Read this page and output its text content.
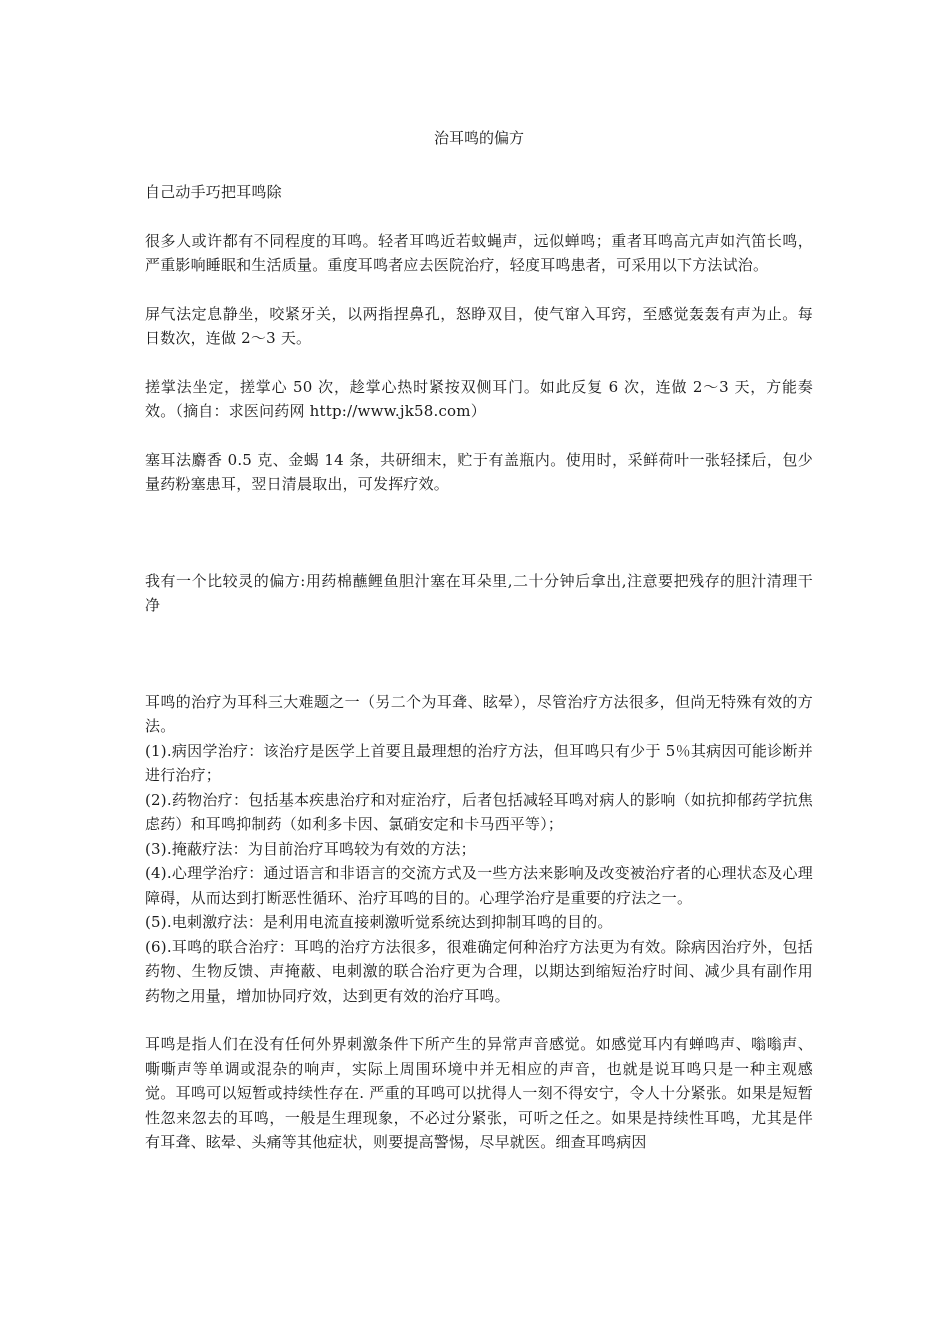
治耳鸣的偏方

自己动手巧把耳鸣除

很多人或许都有不同程度的耳鸣。轻者耳鸣近若蚊蝇声，远似蝉鸣；重者耳鸣高亢声如汽笛长鸣，严重影响睡眠和生活质量。重度耳鸣者应去医院治疗，轻度耳鸣患者，可采用以下方法试治。

屏气法定息静坐，咬紧牙关，以两指捏鼻孔，怒睁双目，使气窜入耳窍，至感觉轰轰有声为止。每日数次，连做 2～3 天。

搓掌法坐定，搓掌心 50 次，趁掌心热时紧按双侧耳门。如此反复 6 次，连做 2～3 天，方能奏效。（摘自：求医问药网 http://www.jk58.com）

塞耳法麝香 0.5 克、金蝎 14 条，共研细末，贮于有盖瓶内。使用时，采鲜荷叶一张轻揉后，包少量药粉塞患耳，翌日清晨取出，可发挥疗效。

我有一个比较灵的偏方:用药棉蘸鲤鱼胆汁塞在耳朵里,二十分钟后拿出,注意要把残存的胆汁清理干净

耳鸣的治疗为耳科三大难题之一（另二个为耳聋、眩晕），尽管治疗方法很多，但尚无特殊有效的方法。

(1).病因学治疗：该治疗是医学上首要且最理想的治疗方法，但耳鸣只有少于 5％其病因可能诊断并进行治疗；

(2).药物治疗：包括基本疾患治疗和对症治疗，后者包括减轻耳鸣对病人的影响（如抗抑郁药学抗焦虑药）和耳鸣抑制药（如利多卡因、氯硝安定和卡马西平等）；

(3).掩蔽疗法：为目前治疗耳鸣较为有效的方法；

(4).心理学治疗：通过语言和非语言的交流方式及一些方法来影响及改变被治疗者的心理状态及心理障碍，从而达到打断恶性循环、治疗耳鸣的目的。心理学治疗是重要的疗法之一。

(5).电刺激疗法：是利用电流直接刺激听觉系统达到抑制耳鸣的目的。

(6).耳鸣的联合治疗：耳鸣的治疗方法很多，很难确定何种治疗方法更为有效。除病因治疗外，包括药物、生物反馈、声掩蔽、电刺激的联合治疗更为合理，以期达到缩短治疗时间、减少具有副作用药物之用量，增加协同疗效，达到更有效的治疗耳鸣。

耳鸣是指人们在没有任何外界刺激条件下所产生的异常声音感觉。如感觉耳内有蝉鸣声、嗡嗡声、嘶嘶声等单调或混杂的响声，实际上周围环境中并无相应的声音，也就是说耳鸣只是一种主观感觉。耳鸣可以短暂或持续性存在. 严重的耳鸣可以扰得人一刻不得安宁，令人十分紧张。如果是短暂性忽来忽去的耳鸣，一般是生理现象，不必过分紧张，可听之任之。如果是持续性耳鸣，尤其是伴有耳聋、眩晕、头痛等其他症状，则要提高警惕，尽早就医。细查耳鸣病因
